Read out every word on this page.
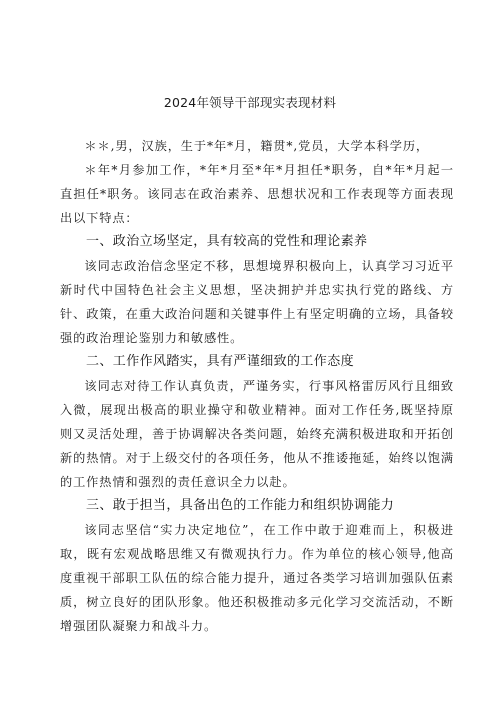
2024年领导干部现实表现材料

＊＊,男，汉族，生于*年*月，籍贯*,党员，大学本科学历，

＊年*月参加工作，*年*月至*年*月担任*职务，自*年*月起一直担任*职务。该同志在政治素养、思想状况和工作表现等方面表现出以下特点：

一、政治立场坚定，具有较高的党性和理论素养

该同志政治信念坚定不移，思想境界积极向上，认真学习习近平新时代中国特色社会主义思想，坚决拥护并忠实执行党的路线、方针、政策，在重大政治问题和关键事件上有坚定明确的立场，具备较强的政治理论鉴别力和敏感性。

二、工作作风踏实，具有严谨细致的工作态度

该同志对待工作认真负责，严谨务实，行事风格雷厉风行且细致入微，展现出极高的职业操守和敬业精神。面对工作任务,既坚持原则又灵活处理，善于协调解决各类问题，始终充满积极进取和开拓创新的热情。对于上级交付的各项任务，他从不推诿拖延，始终以饱满的工作热情和强烈的责任意识全力以赴。

三、敢于担当，具备出色的工作能力和组织协调能力

该同志坚信“实力决定地位”，在工作中敢于迎难而上，积极进取，既有宏观战略思维又有微观执行力。作为单位的核心领导,他高度重视干部职工队伍的综合能力提升，通过各类学习培训加强队伍素质，树立良好的团队形象。他还积极推动多元化学习交流活动，不断增强团队凝聚力和战斗力。
